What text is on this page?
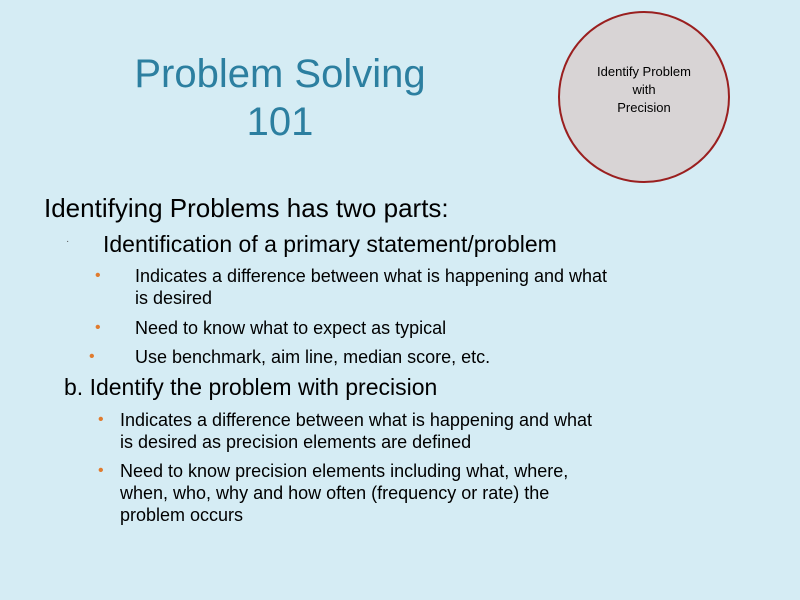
Problem Solving
101
Identify Problem
with
Precision
Identifying Problems has two parts:
· Identification of a primary statement/problem
• Indicates a difference between what is happening and what
is desired
• Need to know what to expect as typical
• Use benchmark, aim line, median score, etc.
b. Identify the problem with precision
• Indicates a difference between what is happening and what
is desired as precision elements are defined
• Need to know precision elements including what, where,
when, who, why and how often (frequency or rate) the
problem occurs
